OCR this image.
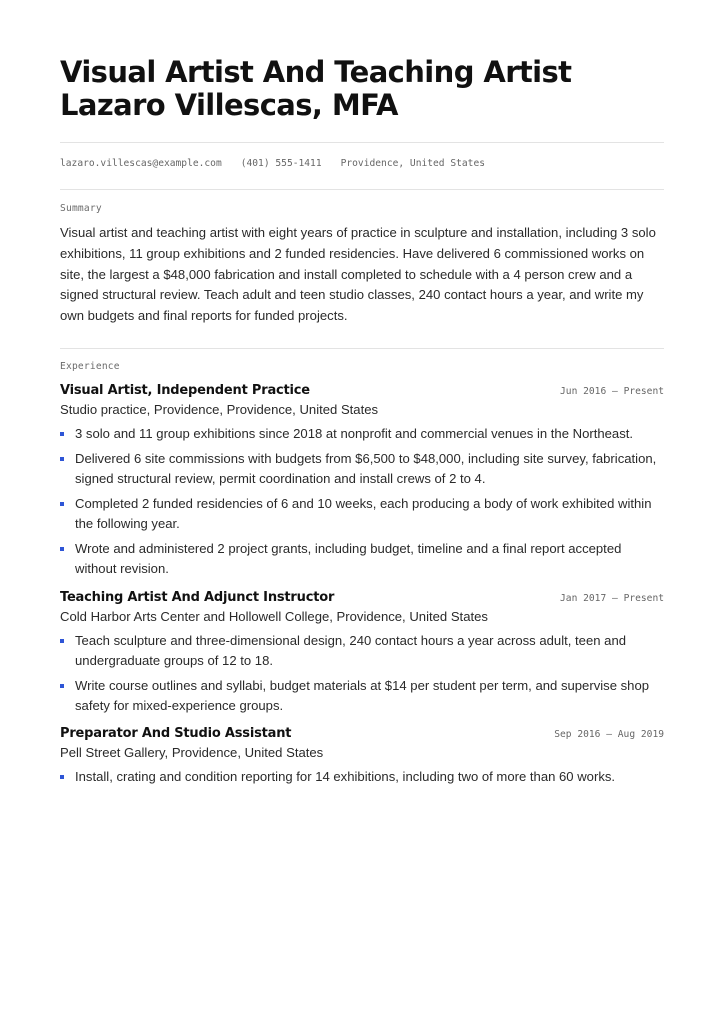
Visual Artist And Teaching Artist Lazaro Villescas, MFA
lazaro.villescas@example.com (401) 555-1411 Providence, United States
Summary

Visual artist and teaching artist with eight years of practice in sculpture and installation, including 3 solo exhibitions, 11 group exhibitions and 2 funded residencies. Have delivered 6 commissioned works on site, the largest a $48,000 fabrication and install completed to schedule with a 4 person crew and a signed structural review. Teach adult and teen studio classes, 240 contact hours a year, and write my own budgets and final reports for funded projects.

Experience
Visual Artist, Independent Practice	Jun 2016 – Present
Studio practice, Providence, Providence, United States
3 solo and 11 group exhibitions since 2018 at nonprofit and commercial venues in the Northeast.
Delivered 6 site commissions with budgets from $6,500 to $48,000, including site survey, fabrication, signed structural review, permit coordination and install crews of 2 to 4.
Completed 2 funded residencies of 6 and 10 weeks, each producing a body of work exhibited within the following year.
Wrote and administered 2 project grants, including budget, timeline and a final report accepted without revision.
Teaching Artist And Adjunct Instructor	Jan 2017 – Present
Cold Harbor Arts Center and Hollowell College, Providence, United States
Teach sculpture and three-dimensional design, 240 contact hours a year across adult, teen and undergraduate groups of 12 to 18.
Write course outlines and syllabi, budget materials at $14 per student per term, and supervise shop safety for mixed-experience groups.
Preparator And Studio Assistant	Sep 2016 – Aug 2019
Pell Street Gallery, Providence, United States
Install, crating and condition reporting for 14 exhibitions, including two of more than 60 works.
